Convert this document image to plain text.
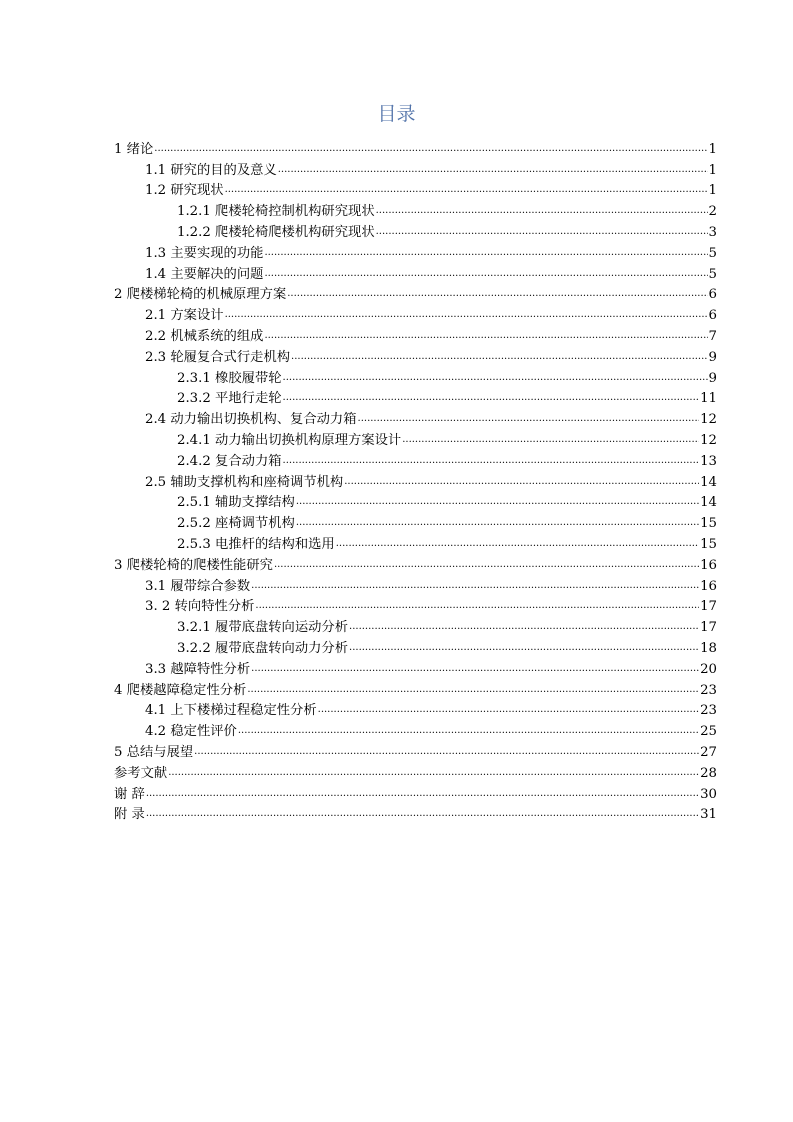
目录
1 绪论 .....	1
1.1 研究的目的及意义 .....	1
1.2 研究现状 .....	1
1.2.1 爬楼轮椅控制机构研究现状 .....	2
1.2.2 爬楼轮椅爬楼机构研究现状 .....	3
1.3 主要实现的功能 .....	5
1.4 主要解决的问题 .....	5
2 爬楼梯轮椅的机械原理方案 .....	6
2.1 方案设计 .....	6
2.2 机械系统的组成 .....	7
2.3 轮履复合式行走机构 .....	9
2.3.1 橡胶履带轮 .....	9
2.3.2 平地行走轮 .....	11
2.4 动力输出切换机构、复合动力箱 .....	12
2.4.1 动力输出切换机构原理方案设计 .....	12
2.4.2 复合动力箱 .....	13
2.5 辅助支撑机构和座椅调节机构 .....	14
2.5.1 辅助支撑结构 .....	14
2.5.2 座椅调节机构 .....	15
2.5.3 电推杆的结构和选用 .....	15
3 爬楼轮椅的爬楼性能研究 .....	16
3.1 履带综合参数 .....	16
3. 2 转向特性分析 .....	17
3.2.1 履带底盘转向运动分析 .....	17
3.2.2 履带底盘转向动力分析 .....	18
3.3 越障特性分析 .....	20
4 爬楼越障稳定性分析 .....	23
4.1 上下楼梯过程稳定性分析 .....	23
4.2 稳定性评价 .....	25
5 总结与展望 .....	27
参考文献 .....	28
谢 辞 .....	30
附 录 .....	31
